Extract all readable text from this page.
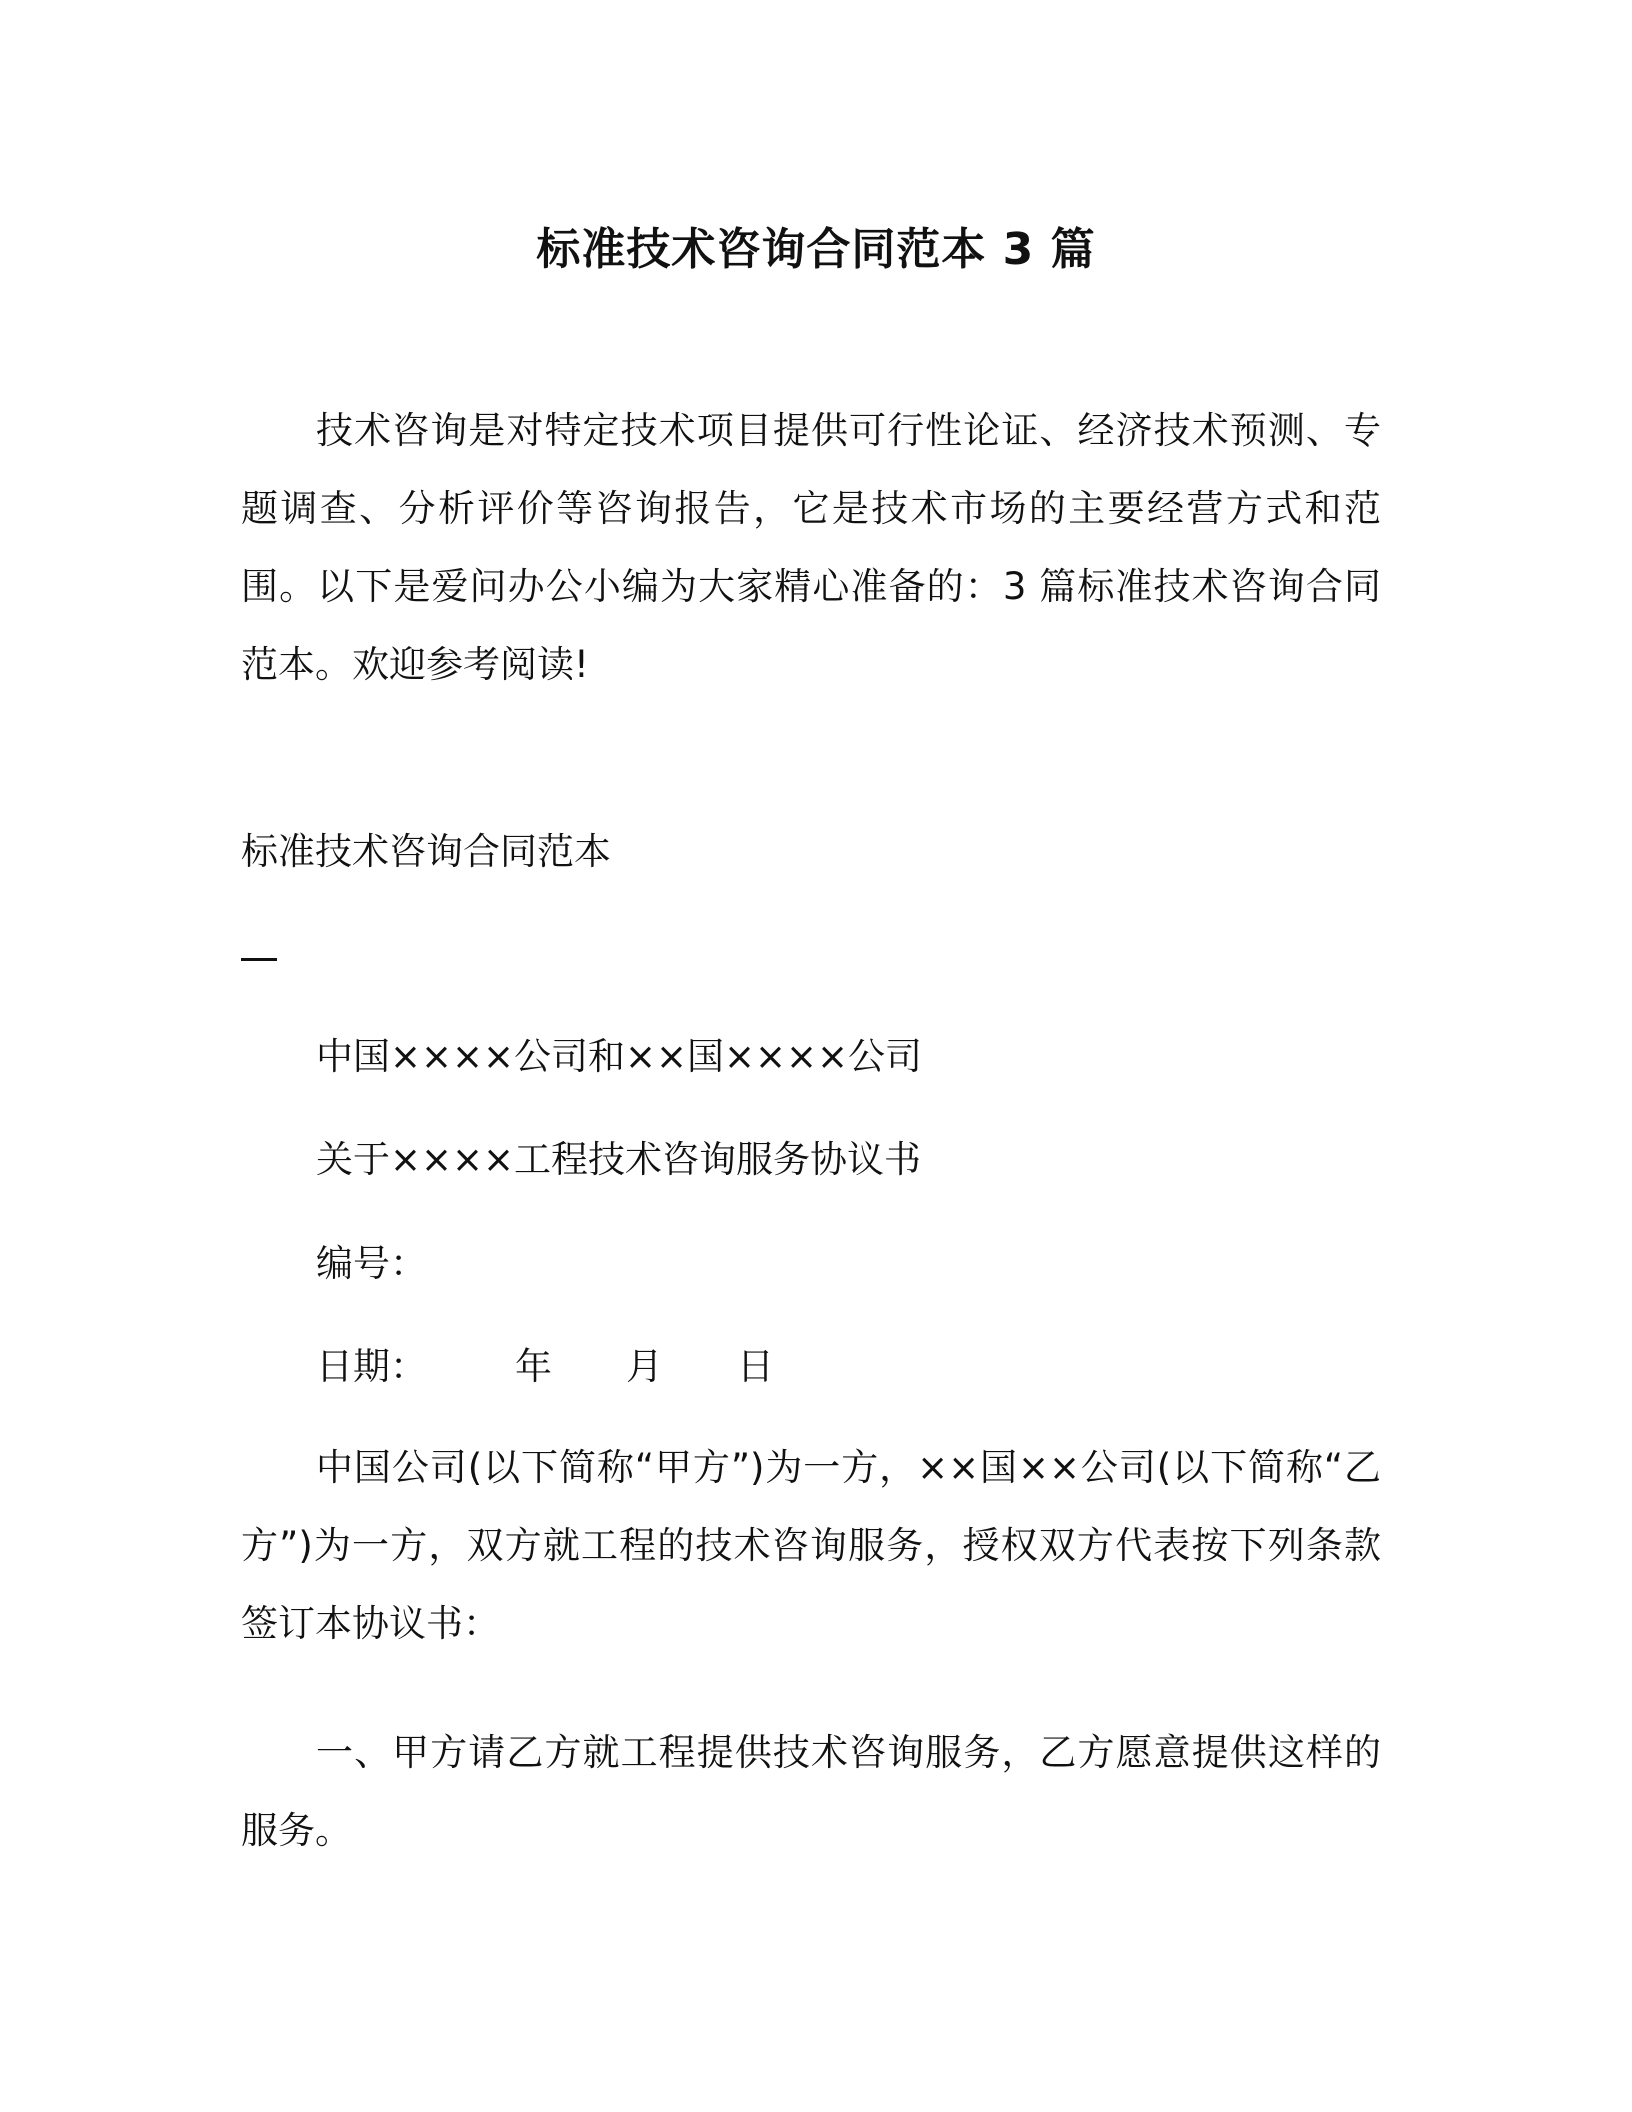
标准技术咨询合同范本 3 篇

技术咨询是对特定技术项目提供可行性论证、经济技术预测、专题调查、分析评价等咨询报告，它是技术市场的主要经营方式和范围。以下是爱问办公小编为大家精心准备的：3 篇标准技术咨询合同范本。欢迎参考阅读!

标准技术咨询合同范本

中国××××公司和××国××××公司

关于××××工程技术咨询服务协议书

编号：

日期： 年 月 日

中国公司(以下简称“甲方”)为一方，××国××公司(以下简称“乙方”)为一方，双方就工程的技术咨询服务，授权双方代表按下列条款签订本协议书：

一、甲方请乙方就工程提供技术咨询服务，乙方愿意提供这样的服务。
